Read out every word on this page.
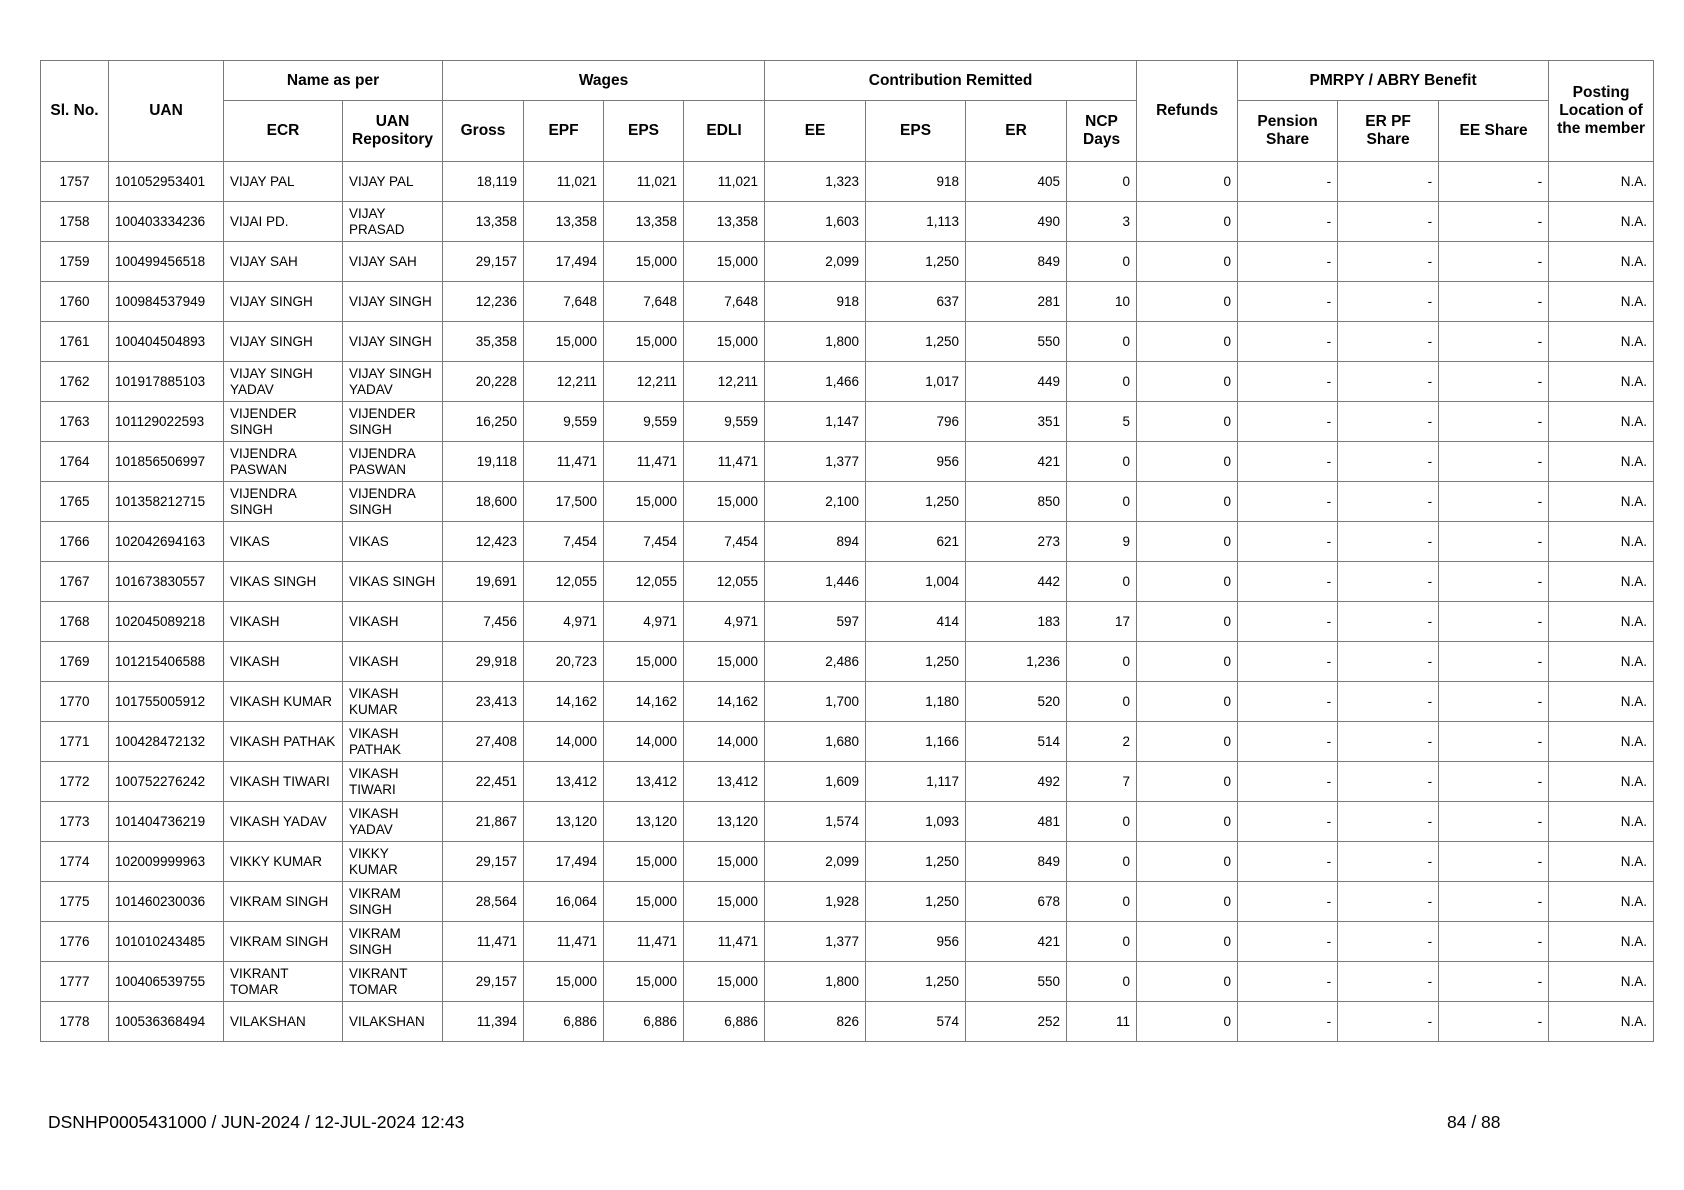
Sl. No.	UAN	Name as per		Wages				Contribution Remitted				Refunds	PMRPY / ABRY Benefit			Posting Location of the member
		ECR	UAN Repository	Gross	EPF	EPS	EDLI	EE	EPS	ER	NCP Days		Pension Share	ER PF Share	EE Share	
1757	101052953401	VIJAY PAL	VIJAY PAL	18,119	11,021	11,021	11,021	1,323	918	405	0	0	-	-	-	N.A.
1758	100403334236	VIJAI PD.	VIJAY PRASAD	13,358	13,358	13,358	13,358	1,603	1,113	490	3	0	-	-	-	N.A.
1759	100499456518	VIJAY SAH	VIJAY SAH	29,157	17,494	15,000	15,000	2,099	1,250	849	0	0	-	-	-	N.A.
1760	100984537949	VIJAY SINGH	VIJAY SINGH	12,236	7,648	7,648	7,648	918	637	281	10	0	-	-	-	N.A.
1761	100404504893	VIJAY SINGH	VIJAY SINGH	35,358	15,000	15,000	15,000	1,800	1,250	550	0	0	-	-	-	N.A.
1762	101917885103	VIJAY SINGH YADAV	VIJAY SINGH YADAV	20,228	12,211	12,211	12,211	1,466	1,017	449	0	0	-	-	-	N.A.
1763	101129022593	VIJENDER SINGH	VIJENDER SINGH	16,250	9,559	9,559	9,559	1,147	796	351	5	0	-	-	-	N.A.
1764	101856506997	VIJENDRA PASWAN	VIJENDRA PASWAN	19,118	11,471	11,471	11,471	1,377	956	421	0	0	-	-	-	N.A.
1765	101358212715	VIJENDRA SINGH	VIJENDRA SINGH	18,600	17,500	15,000	15,000	2,100	1,250	850	0	0	-	-	-	N.A.
1766	102042694163	VIKAS	VIKAS	12,423	7,454	7,454	7,454	894	621	273	9	0	-	-	-	N.A.
1767	101673830557	VIKAS SINGH	VIKAS SINGH	19,691	12,055	12,055	12,055	1,446	1,004	442	0	0	-	-	-	N.A.
1768	102045089218	VIKASH	VIKASH	7,456	4,971	4,971	4,971	597	414	183	17	0	-	-	-	N.A.
1769	101215406588	VIKASH	VIKASH	29,918	20,723	15,000	15,000	2,486	1,250	1,236	0	0	-	-	-	N.A.
1770	101755005912	VIKASH KUMAR	VIKASH KUMAR	23,413	14,162	14,162	14,162	1,700	1,180	520	0	0	-	-	-	N.A.
1771	100428472132	VIKASH PATHAK	VIKASH PATHAK	27,408	14,000	14,000	14,000	1,680	1,166	514	2	0	-	-	-	N.A.
1772	100752276242	VIKASH TIWARI	VIKASH TIWARI	22,451	13,412	13,412	13,412	1,609	1,117	492	7	0	-	-	-	N.A.
1773	101404736219	VIKASH YADAV	VIKASH YADAV	21,867	13,120	13,120	13,120	1,574	1,093	481	0	0	-	-	-	N.A.
1774	102009999963	VIKKY KUMAR	VIKKY KUMAR	29,157	17,494	15,000	15,000	2,099	1,250	849	0	0	-	-	-	N.A.
1775	101460230036	VIKRAM SINGH	VIKRAM SINGH	28,564	16,064	15,000	15,000	1,928	1,250	678	0	0	-	-	-	N.A.
1776	101010243485	VIKRAM SINGH	VIKRAM SINGH	11,471	11,471	11,471	11,471	1,377	956	421	0	0	-	-	-	N.A.
1777	100406539755	VIKRANT TOMAR	VIKRANT TOMAR	29,157	15,000	15,000	15,000	1,800	1,250	550	0	0	-	-	-	N.A.
1778	100536368494	VILAKSHAN	VILAKSHAN	11,394	6,886	6,886	6,886	826	574	252	11	0	-	-	-	N.A.
DSNHP0005431000 / JUN-2024 / 12-JUL-2024 12:43	84 / 88
